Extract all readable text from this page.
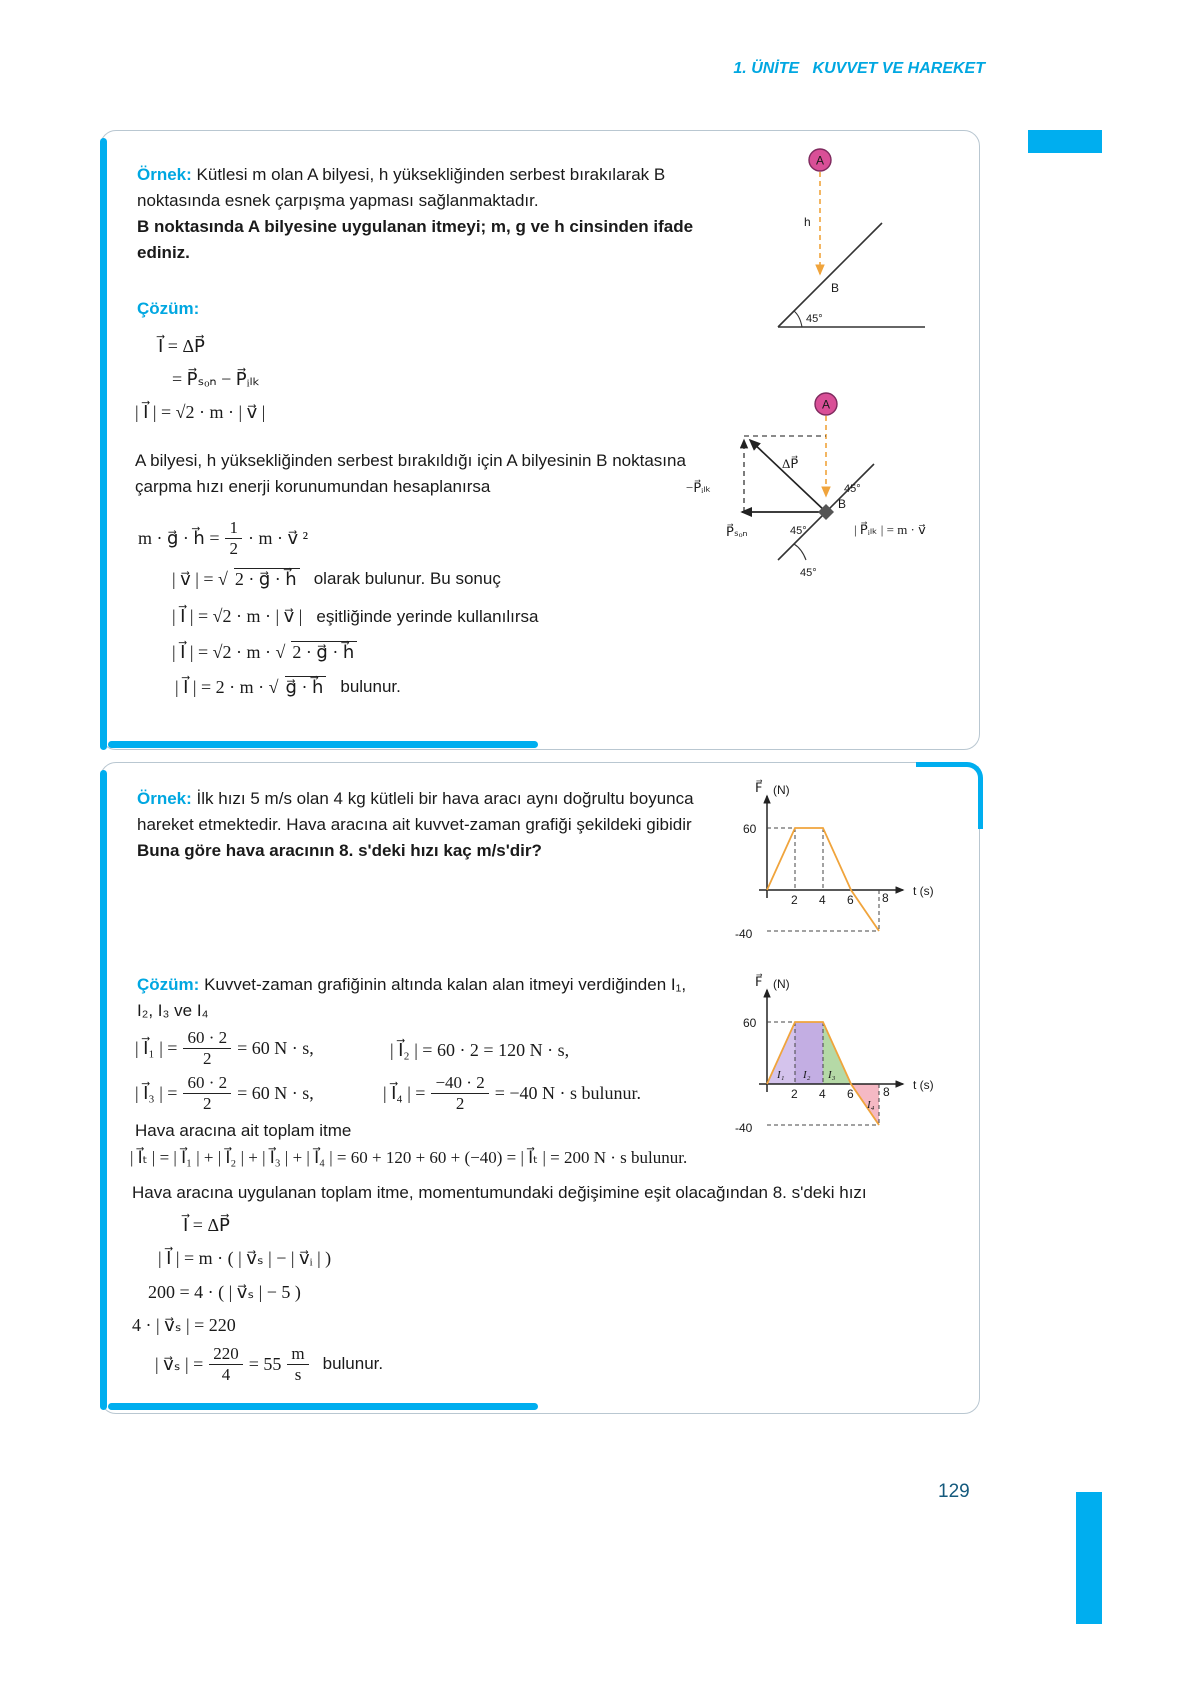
1. ÜNİTE   KUVVET VE HAREKET
Örnek: Kütlesi m olan A bilyesi, h yüksekliğinden serbest bırakılarak B noktasında esnek çarpışma yapması sağlanmaktadır.
B noktasında A bilyesine uygulanan itmeyi; m, g ve h cinsinden ifade ediniz.
Çözüm:
I⃗ = ΔP⃗
= P⃗ₛₒₙ − P⃗ᵢₗₖ
| I⃗ | = √2 · m · | v⃗ |
A bilyesi, h yüksekliğinden serbest bırakıldığı için A bilyesinin B noktasına çarpma hızı enerji korunumundan hesaplanırsa
m · g⃗ · h⃗ = $\frac{1}{2} \cdot m$ · v⃗ ²
| v⃗ | = √ 2 · g⃗ · h⃗ olarak bulunur. Bu sonuç
| I⃗ | = √2 · m · | v⃗ | eşitliğinde yerinde kullanılırsa
| I⃗ | = √2 · m · √ 2 · g⃗ · h⃗
| I⃗ | = 2 · m · √ g⃗ · h⃗ bulunur.
A
h
45°
B
A
ΔP⃗
−P⃗ᵢₗₖ
P⃗ₛₒₙ
B
45°
45°
45°
| P⃗ᵢₗₖ | = m · v⃗
Örnek: İlk hızı 5 m/s olan 4 kg kütleli bir hava aracı aynı doğrultu boyunca hareket etmektedir. Hava aracına ait kuvvet-zaman grafiği şekildeki gibidir
Buna göre hava aracının 8. s'deki hızı kaç m/s'dir?
Çözüm: Kuvvet-zaman grafiğinin altında kalan alan itmeyi verdiğinden I₁, I₂, I₃ ve I₄
| I⃗₁ | = $\frac{60 \cdot 2}{2} = 60$ N · s,	| I⃗₂ | = 60 · 2 = 120 N · s,
| I⃗₃ | = $\frac{60 \cdot 2}{2} = 60$ N · s,	| I⃗₄ | = $\frac{-40 \cdot 2}{2} = -40$ N · s bulunur.
Hava aracına ait toplam itme
| I⃗ₜ | = | I⃗₁ | + | I⃗₂ | + | I⃗₃ | + | I⃗₄ | = 60 + 120 + 60 + (−40) = | I⃗ₜ | = 200 N · s bulunur.
Hava aracına uygulanan toplam itme, momentumundaki değişimine eşit olacağından 8. s'deki hızı
I⃗ = ΔP⃗
| I⃗ | = m · ( | v⃗ₛ | − | v⃗ᵢ | )
200 = 4 · ( | v⃗ₛ | − 5 )
4 · | v⃗ₛ | = 220
| v⃗ₛ | = $\frac{220}{4} = 55 \frac{m}{s}$ bulunur.
F⃗ (N)
t (s)
60
-40
2 4 6 8
F⃗ (N)
t (s)
60
-40
I₁ I₂ I₃
I₄
2 4 6 8
129
